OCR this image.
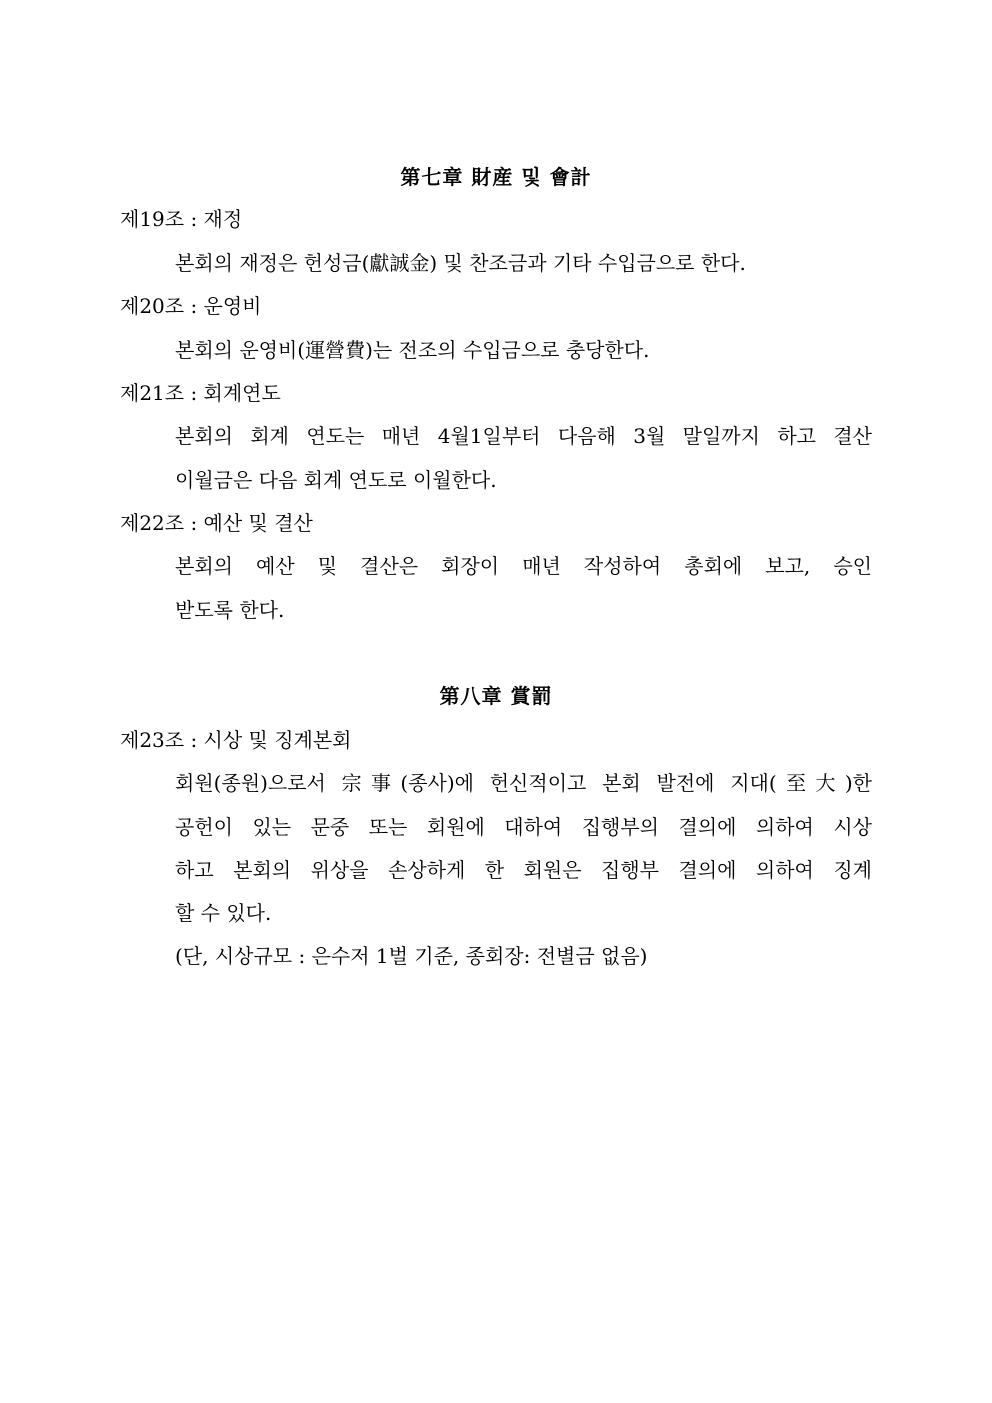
第七章 財産 및 會計
제19조 : 재정
본회의 재정은 헌성금(獻誠金) 및 찬조금과 기타 수입금으로 한다.
제20조 : 운영비
본회의 운영비(運營費)는 전조의 수입금으로 충당한다.
제21조 : 회계연도
본회의 회계 연도는 매년 4월1일부터 다음해 3월 말일까지 하고 결산
이월금은 다음 회계 연도로 이월한다.
제22조 : 예산 및 결산
본회의 예산 및 결산은 회장이 매년 작성하여 총회에 보고, 승인
받도록 한다.
第八章 賞罰
제23조 : 시상 및 징계본회
회원(종원)으로서 宗事(종사)에 헌신적이고 본회 발전에 지대(至大)한
공헌이 있는 문중 또는 회원에 대하여 집행부의 결의에 의하여 시상
하고 본회의 위상을 손상하게 한 회원은 집행부 결의에 의하여 징계
할 수 있다.
(단, 시상규모 : 은수저 1벌 기준, 종회장: 전별금 없음)
